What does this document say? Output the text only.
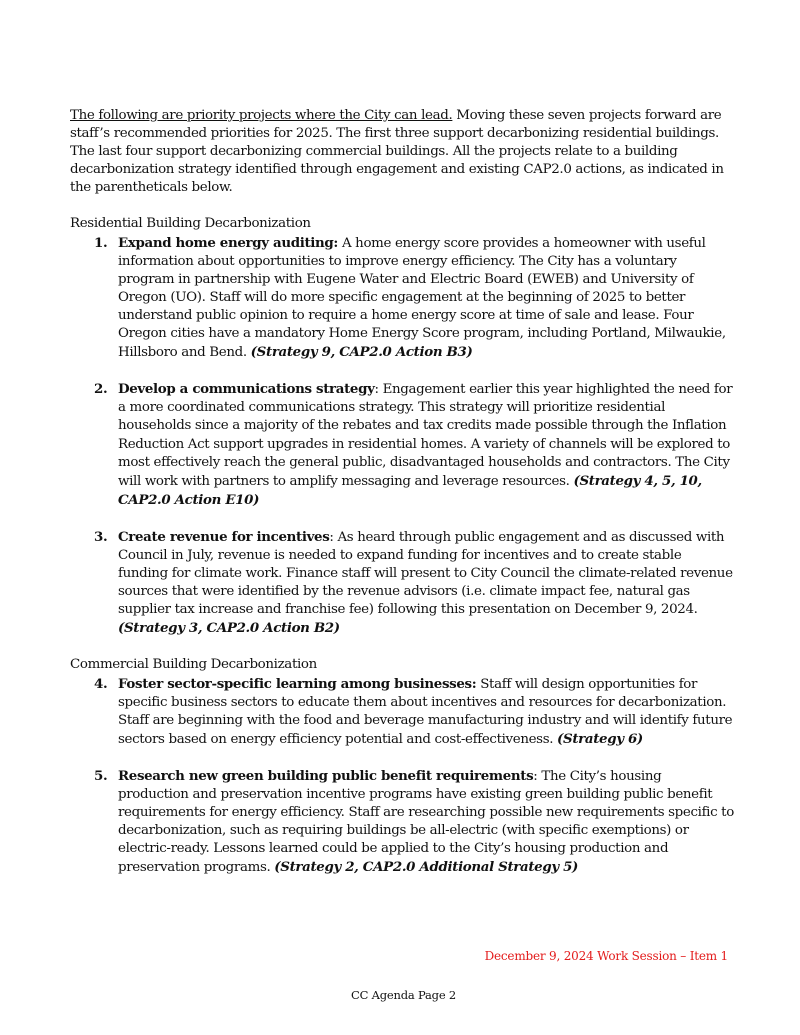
The following are priority projects where the City can lead. Moving these seven projects forward are staff’s recommended priorities for 2025. The first three support decarbonizing residential buildings. The last four support decarbonizing commercial buildings. All the projects relate to a building decarbonization strategy identified through engagement and existing CAP2.0 actions, as indicated in the parentheticals below.

Residential Building Decarbonization

1. Expand home energy auditing: A home energy score provides a homeowner with useful information about opportunities to improve energy efficiency. The City has a voluntary program in partnership with Eugene Water and Electric Board (EWEB) and University of Oregon (UO). Staff will do more specific engagement at the beginning of 2025 to better understand public opinion to require a home energy score at time of sale and lease. Four Oregon cities have a mandatory Home Energy Score program, including Portland, Milwaukie, Hillsboro and Bend. (Strategy 9, CAP2.0 Action B3)
2. Develop a communications strategy: Engagement earlier this year highlighted the need for a more coordinated communications strategy. This strategy will prioritize residential households since a majority of the rebates and tax credits made possible through the Inflation Reduction Act support upgrades in residential homes. A variety of channels will be explored to most effectively reach the general public, disadvantaged households and contractors. The City will work with partners to amplify messaging and leverage resources. (Strategy 4, 5, 10, CAP2.0 Action E10)
3. Create revenue for incentives: As heard through public engagement and as discussed with Council in July, revenue is needed to expand funding for incentives and to create stable funding for climate work. Finance staff will present to City Council the climate-related revenue sources that were identified by the revenue advisors (i.e. climate impact fee, natural gas supplier tax increase and franchise fee) following this presentation on December 9, 2024. (Strategy 3, CAP2.0 Action B2)

Commercial Building Decarbonization

4. Foster sector-specific learning among businesses: Staff will design opportunities for specific business sectors to educate them about incentives and resources for decarbonization. Staff are beginning with the food and beverage manufacturing industry and will identify future sectors based on energy efficiency potential and cost-effectiveness. (Strategy 6)
5. Research new green building public benefit requirements: The City’s housing production and preservation incentive programs have existing green building public benefit requirements for energy efficiency. Staff are researching possible new requirements specific to decarbonization, such as requiring buildings be all-electric (with specific exemptions) or electric-ready. Lessons learned could be applied to the City’s housing production and preservation programs. (Strategy 2, CAP2.0 Additional Strategy 5)
December 9, 2024 Work Session – Item 1
CC Agenda Page 2
